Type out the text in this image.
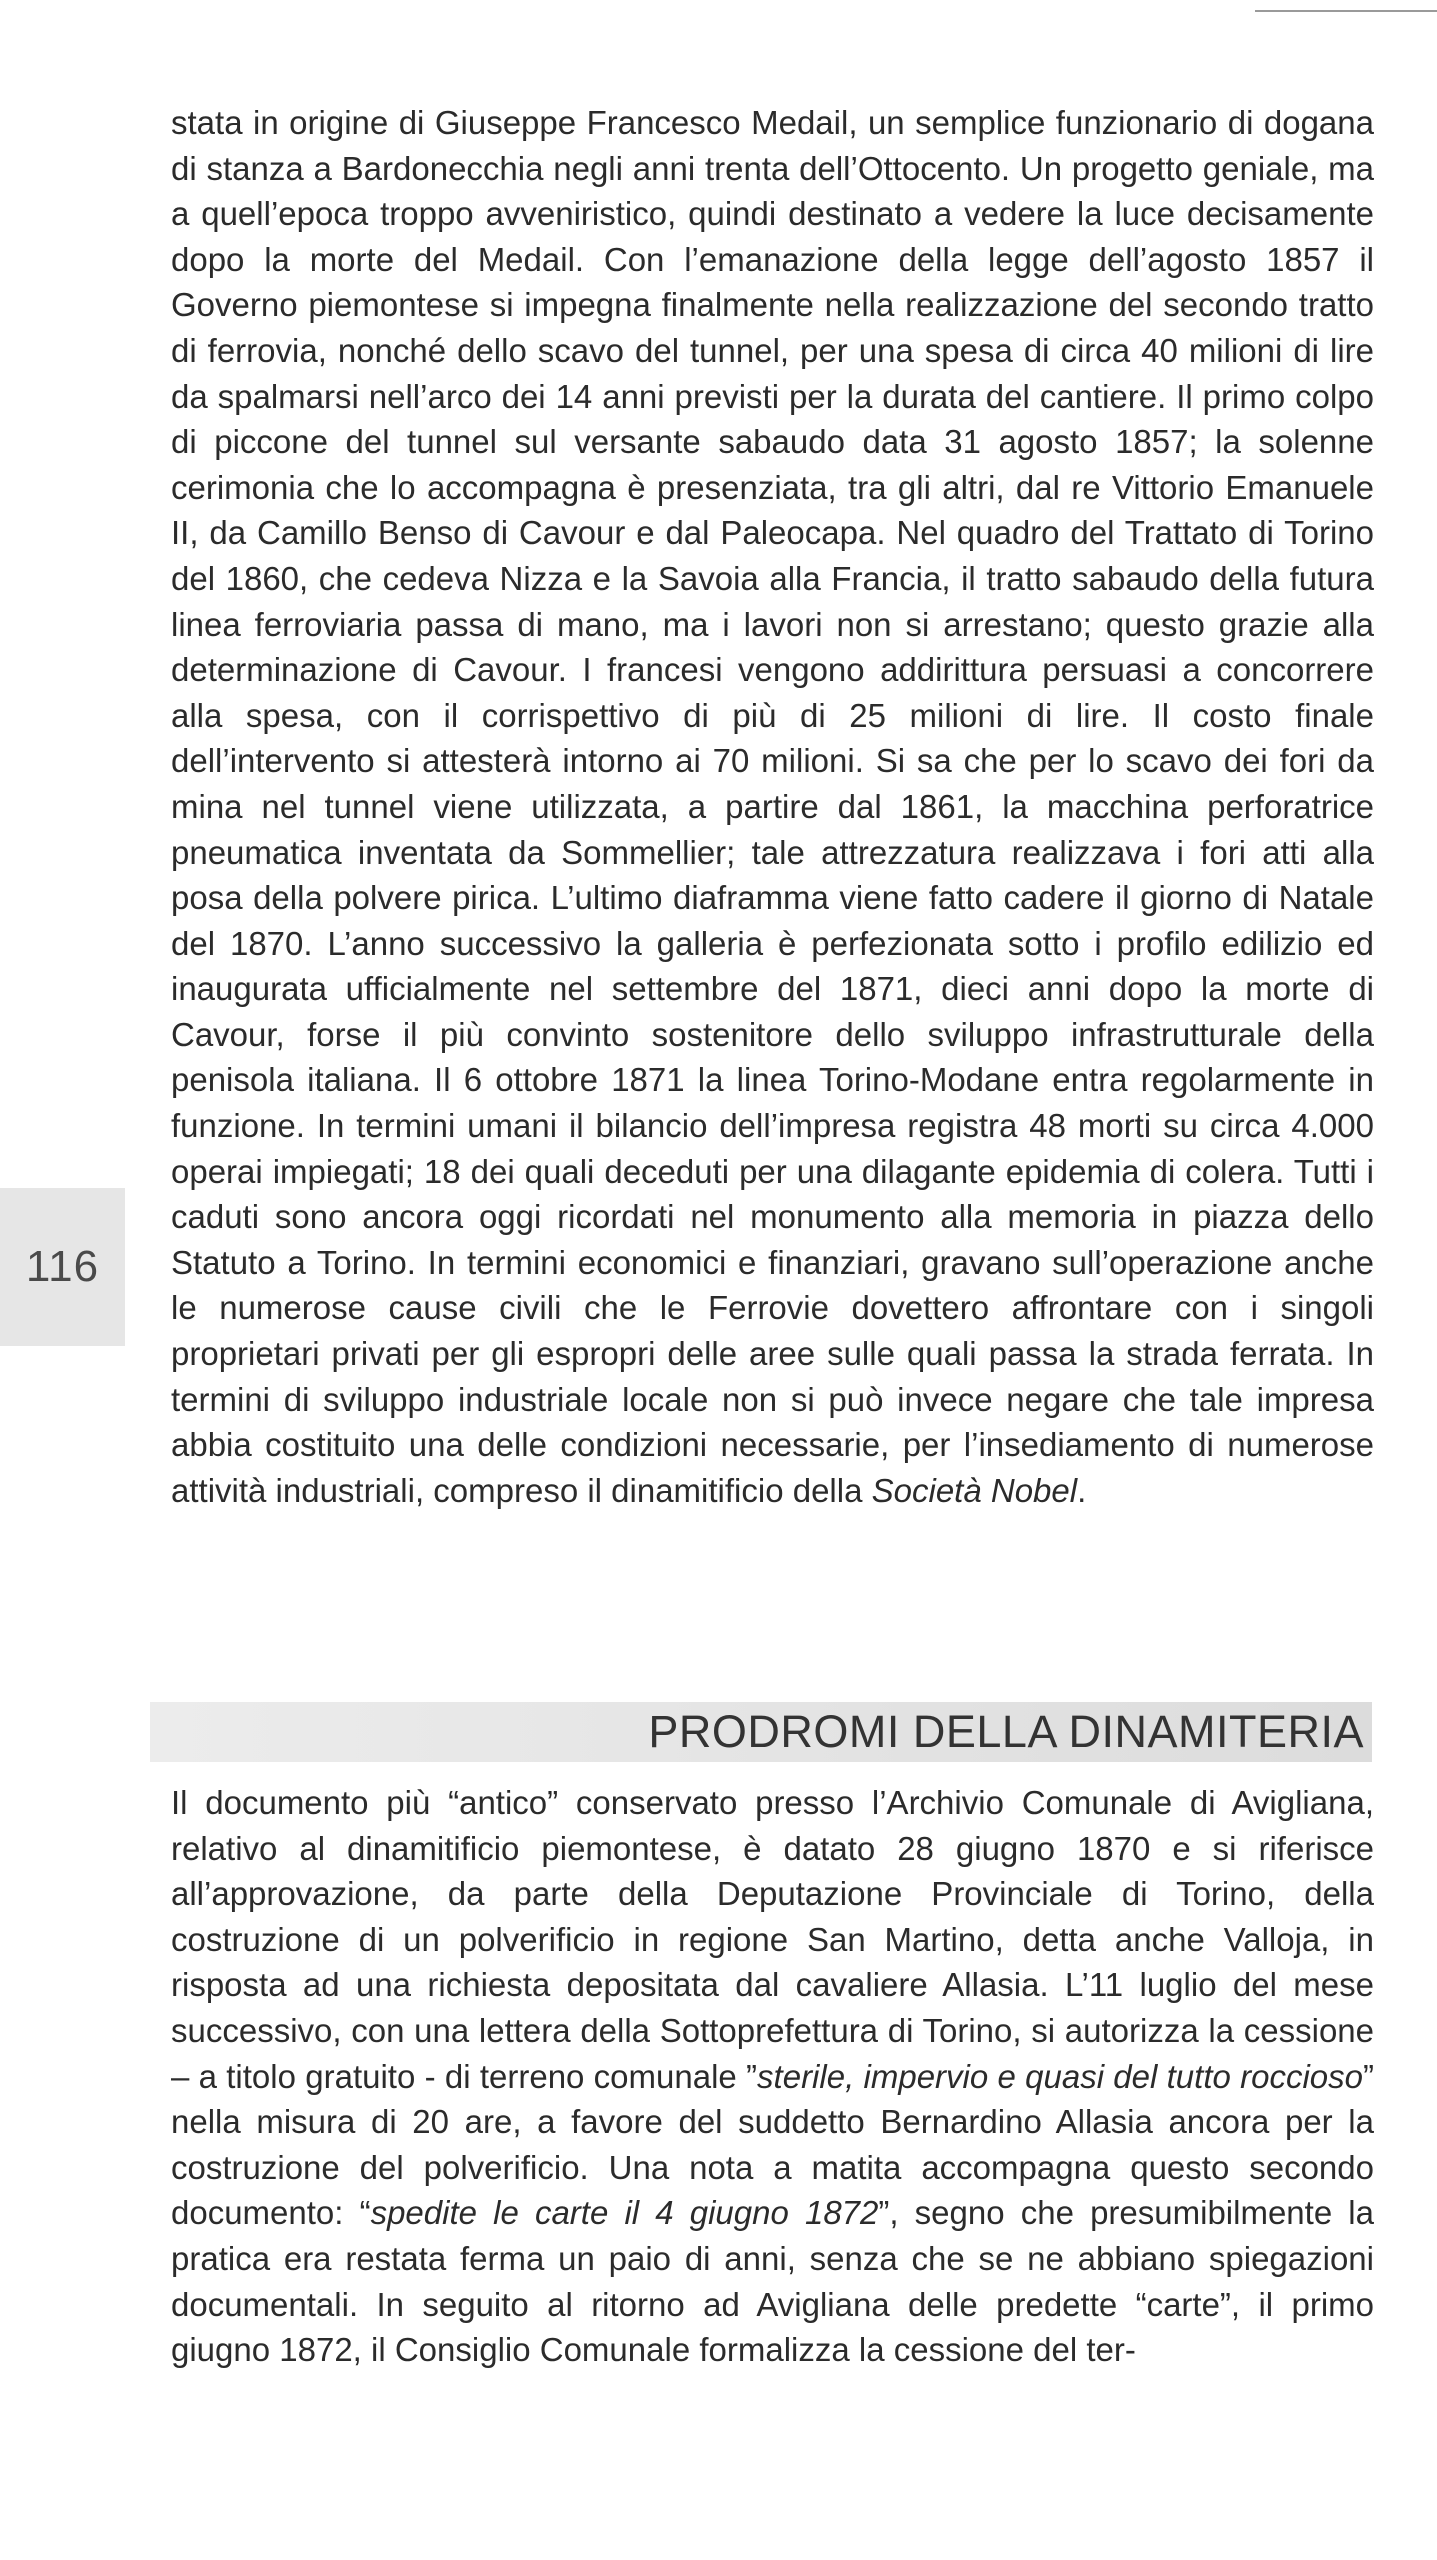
116

stata in origine di Giuseppe Francesco Medail, un semplice funzionario di dogana di stanza a Bardonecchia negli anni trenta dell’Ottocento. Un progetto geniale, ma a quell’epoca troppo avveniristico, quindi destinato a vedere la luce decisamente dopo la morte del Medail. Con l’emanazione della legge dell’agosto 1857 il Governo piemontese si impegna finalmente nella realizzazione del secondo tratto di ferrovia, nonché dello scavo del tunnel, per una spesa di circa 40 milioni di lire da spalmarsi nell’arco dei 14 anni previsti per la durata del cantiere. Il primo colpo di piccone del tunnel sul versante sabaudo data 31 agosto 1857; la solenne cerimonia che lo accompagna è presenziata, tra gli altri, dal re Vittorio Emanuele II, da Camillo Benso di Cavour e dal Paleocapa. Nel quadro del Trattato di Torino del 1860, che cedeva Nizza e la Savoia alla Francia, il tratto sabaudo della futura linea ferroviaria passa di mano, ma i lavori non si arrestano; questo grazie alla determinazione di Cavour. I francesi vengono addirittura persuasi a concorrere alla spesa, con il corrispettivo di più di 25 milioni di lire. Il costo finale dell’intervento si attesterà intorno ai 70 milioni. Si sa che per lo scavo dei fori da mina nel tunnel viene utilizzata, a partire dal 1861, la macchina perforatrice pneumatica inventata da Sommellier; tale attrezzatura realizzava i fori atti alla posa della polvere pirica. L’ultimo diaframma viene fatto cadere il giorno di Natale del 1870. L’anno successivo la galleria è perfezionata sotto i profilo edilizio ed inaugurata ufficialmente nel settembre del 1871, dieci anni dopo la morte di Cavour, forse il più convinto sostenitore dello sviluppo infrastrutturale della penisola italiana. Il 6 ottobre 1871 la linea Torino-Modane entra regolarmente in funzione. In termini umani il bilancio dell’impresa registra 48 morti su circa 4.000 operai impiegati; 18 dei quali deceduti per una dilagante epidemia di colera. Tutti i caduti sono ancora oggi ricordati nel monumento alla memoria in piazza dello Statuto a Torino. In termini economici e finanziari, gravano sull’operazione anche le numerose cause civili che le Ferrovie dovettero affrontare con i singoli proprietari privati per gli espropri delle aree sulle quali passa la strada ferrata. In termini di sviluppo industriale locale non si può invece negare che tale impresa abbia costituito una delle condizioni necessarie, per l’insediamento di numerose attività industriali, compreso il dinamitificio della Società Nobel.

PRODROMI DELLA DINAMITERIA

Il documento più “antico” conservato presso l’Archivio Comunale di Avigliana, relativo al dinamitificio piemontese, è datato 28 giugno 1870 e si riferisce all’approvazione, da parte della Deputazione Provinciale di Torino, della costruzione di un polverificio in regione San Martino, detta anche Valloja, in risposta ad una richiesta depositata dal cavaliere Allasia. L’11 luglio del mese successivo, con una lettera della Sottoprefettura di Torino, si autorizza la cessione – a titolo gratuito - di terreno comunale ”sterile, impervio e quasi del tutto roccioso” nella misura di 20 are, a favore del suddetto Bernardino Allasia ancora per la costruzione del polverificio. Una nota a matita accompagna questo secondo documento: “spedite le carte il 4 giugno 1872”, segno che presumibilmente la pratica era restata ferma un paio di anni, senza che se ne abbiano spiegazioni documentali. In seguito al ritorno ad Avigliana delle predette “carte”, il primo giugno 1872, il Consiglio Comunale formalizza la cessione del ter-
